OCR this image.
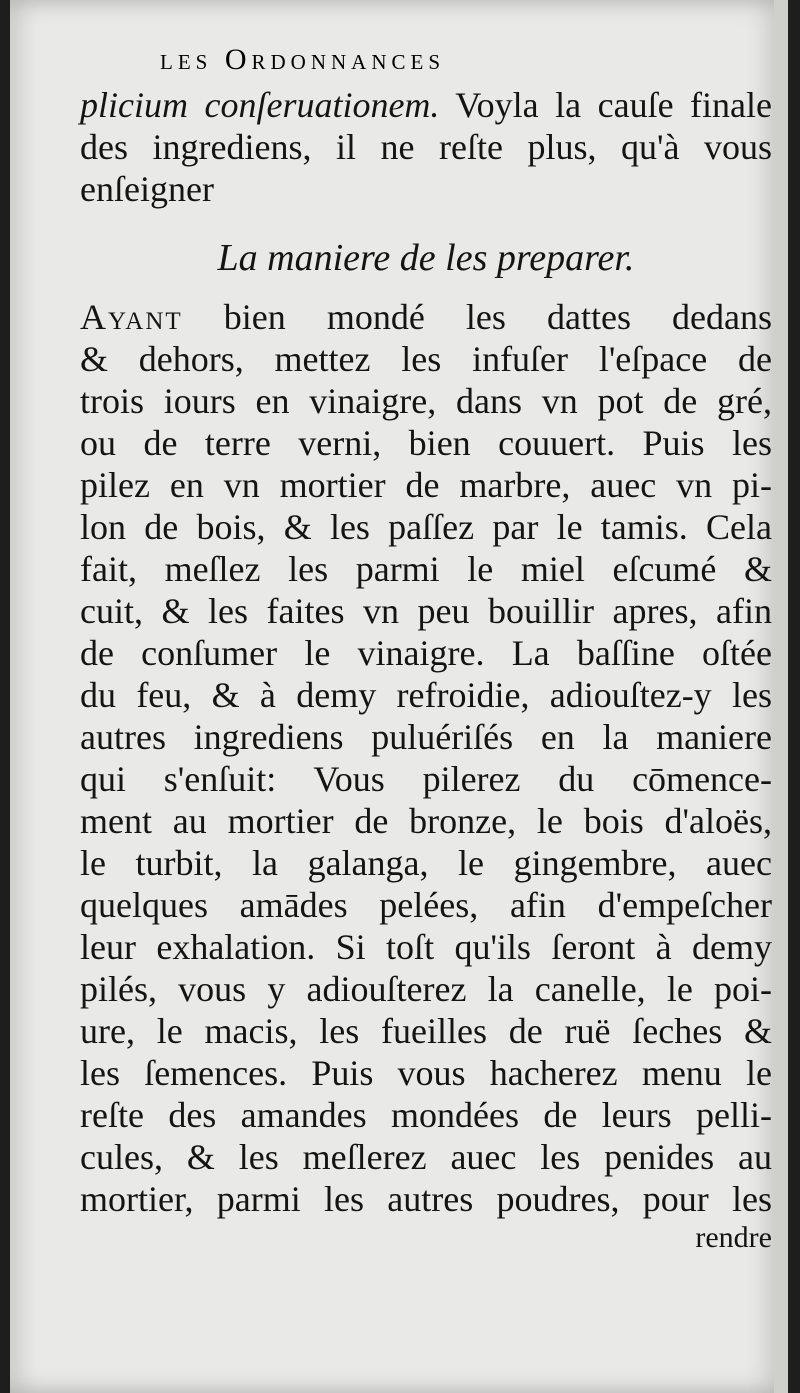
les Ordonnances
plicium conſeruationem. Voyla la cauſe finale
des ingrediens, il ne reſte plus, qu'à vous
enſeigner
La maniere de les preparer.
Ayant bien mondé les dattes dedans
& dehors, mettez les infuſer l'eſpace de
trois iours en vinaigre, dans vn pot de gré,
ou de terre verni, bien couuert. Puis les
pilez en vn mortier de marbre, auec vn pi-
lon de bois, & les paſſez par le tamis. Cela
fait, meſlez les parmi le miel eſcumé &
cuit, & les faites vn peu bouillir apres, afin
de conſumer le vinaigre. La baſſine oſtée
du feu, & à demy refroidie, adiouſtez-y les
autres ingrediens puluériſés en la maniere
qui s'enſuit: Vous pilerez du cōmence-
ment au mortier de bronze, le bois d'aloës,
le turbit, la galanga, le gingembre, auec
quelques amādes pelées, afin d'empeſcher
leur exhalation. Si toſt qu'ils ſeront à demy
pilés, vous y adiouſterez la canelle, le poi-
ure, le macis, les fueilles de ruë ſeches &
les ſemences. Puis vous hacherez menu le
reſte des amandes mondées de leurs pelli-
cules, & les meſlerez auec les penides au
mortier, parmi les autres poudres, pour les
rendre
